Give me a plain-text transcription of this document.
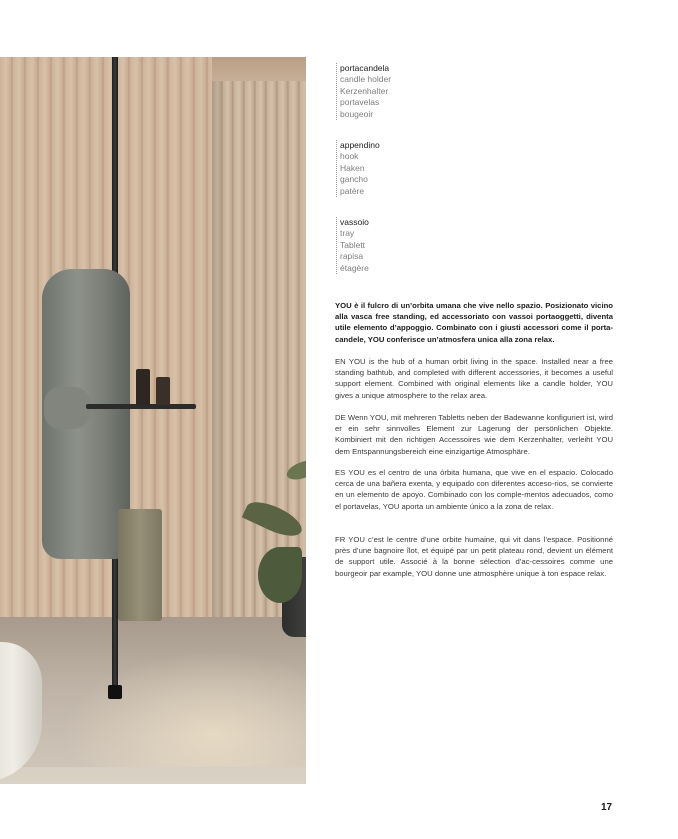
portacandela
candle holder
Kerzenhalter
portavelas
bougeoir
appendino
hook
Haken
gancho
patère
vassoio
tray
Tablett
rapisa
étagère

YOU è il fulcro di un’orbita umana che vive nello spazio. Posizionato vicino alla vasca free standing, ed accessoriato con vassoi portaoggetti, diventa utile elemento d’appoggio. Combinato con i giusti accessori come il porta-candele, YOU conferisce un’atmosfera unica alla zona relax.

EN YOU is the hub of a human orbit living in the space. Installed near a free standing bathtub, and completed with different accessories, it becomes a useful support element. Combined with original elements like a candle holder, YOU gives a unique atmosphere to the relax area.

DE Wenn YOU, mit mehreren Tabletts neben der Badewanne konfiguriert ist, wird er ein sehr sinnvolles Element zur Lagerung der persönlichen Objekte. Kombiniert mit den richtigen Accessoires wie dem Kerzenhalter, verleiht YOU dem Entspannungsbereich eine einzigartige Atmosphäre.

ES YOU es el centro de una órbita humana, que vive en el espacio. Colocado cerca de una bañera exenta, y equipado con diferentes acceso-rios, se convierte en un elemento de apoyo. Combinado con los comple-mentos adecuados, como el portavelas, YOU aporta un ambiente único a la zona de relax.

FR YOU c’est le centre d’une orbite humaine, qui vit dans l’espace. Positionné près d’une bagnoire îlot, et équipé par un petit plateau rond, devient un élément de support utile. Associé à la bonne sélection d’ac-cessoires comme une bourgeoir par example, YOU donne une atmosphère unique à ton espace relax.

17
